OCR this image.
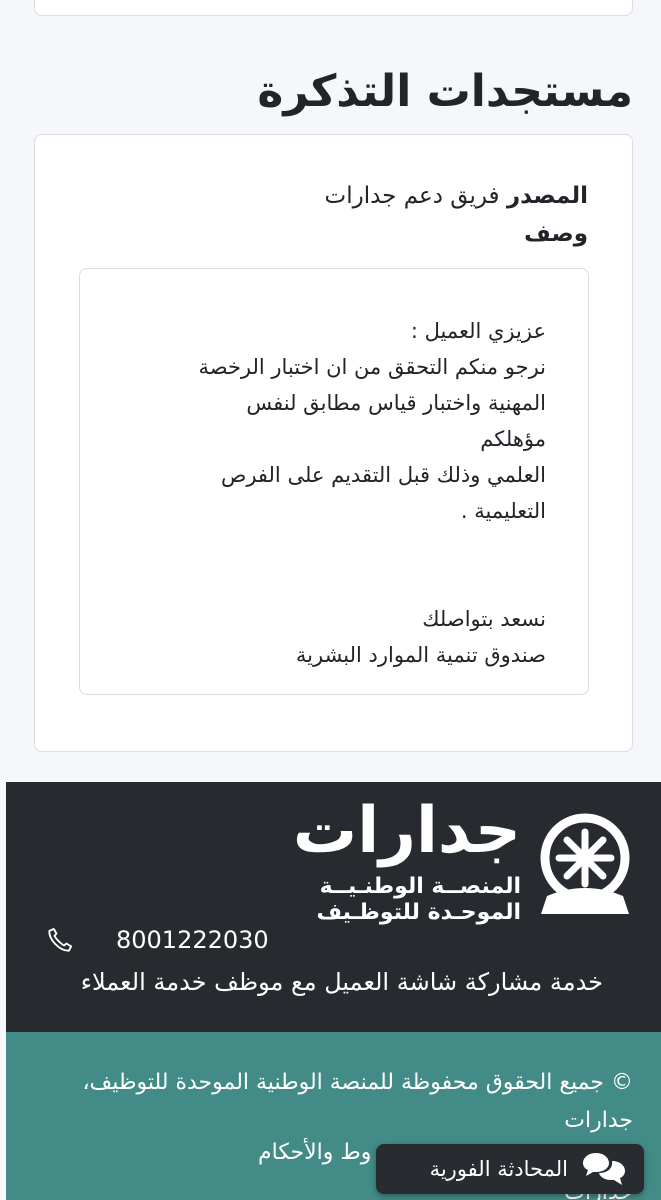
مستجدات التذكرة
المصدر فريق دعم جدارات
وصف
عزيزي العميل :
نرجو منكم التحقق من ان اختبار الرخصة
المهنية واختبار قياس مطابق لنفس مؤهلكم
العلمي وذلك قبل التقديم على الفرص
التعليمية .
نسعد بتواصلك
صندوق تنمية الموارد البشرية
جدارات
المنصــة الوطنـيــة
الموحـدة للتوظـيف
8001222030
خدمة مشاركة شاشة العميل مع موظف خدمة العملاء
© جميع الحقوق محفوظة للمنصة الوطنية الموحدة للتوظيف، جدارات
وط والأحكام
المحادثة الفورية
